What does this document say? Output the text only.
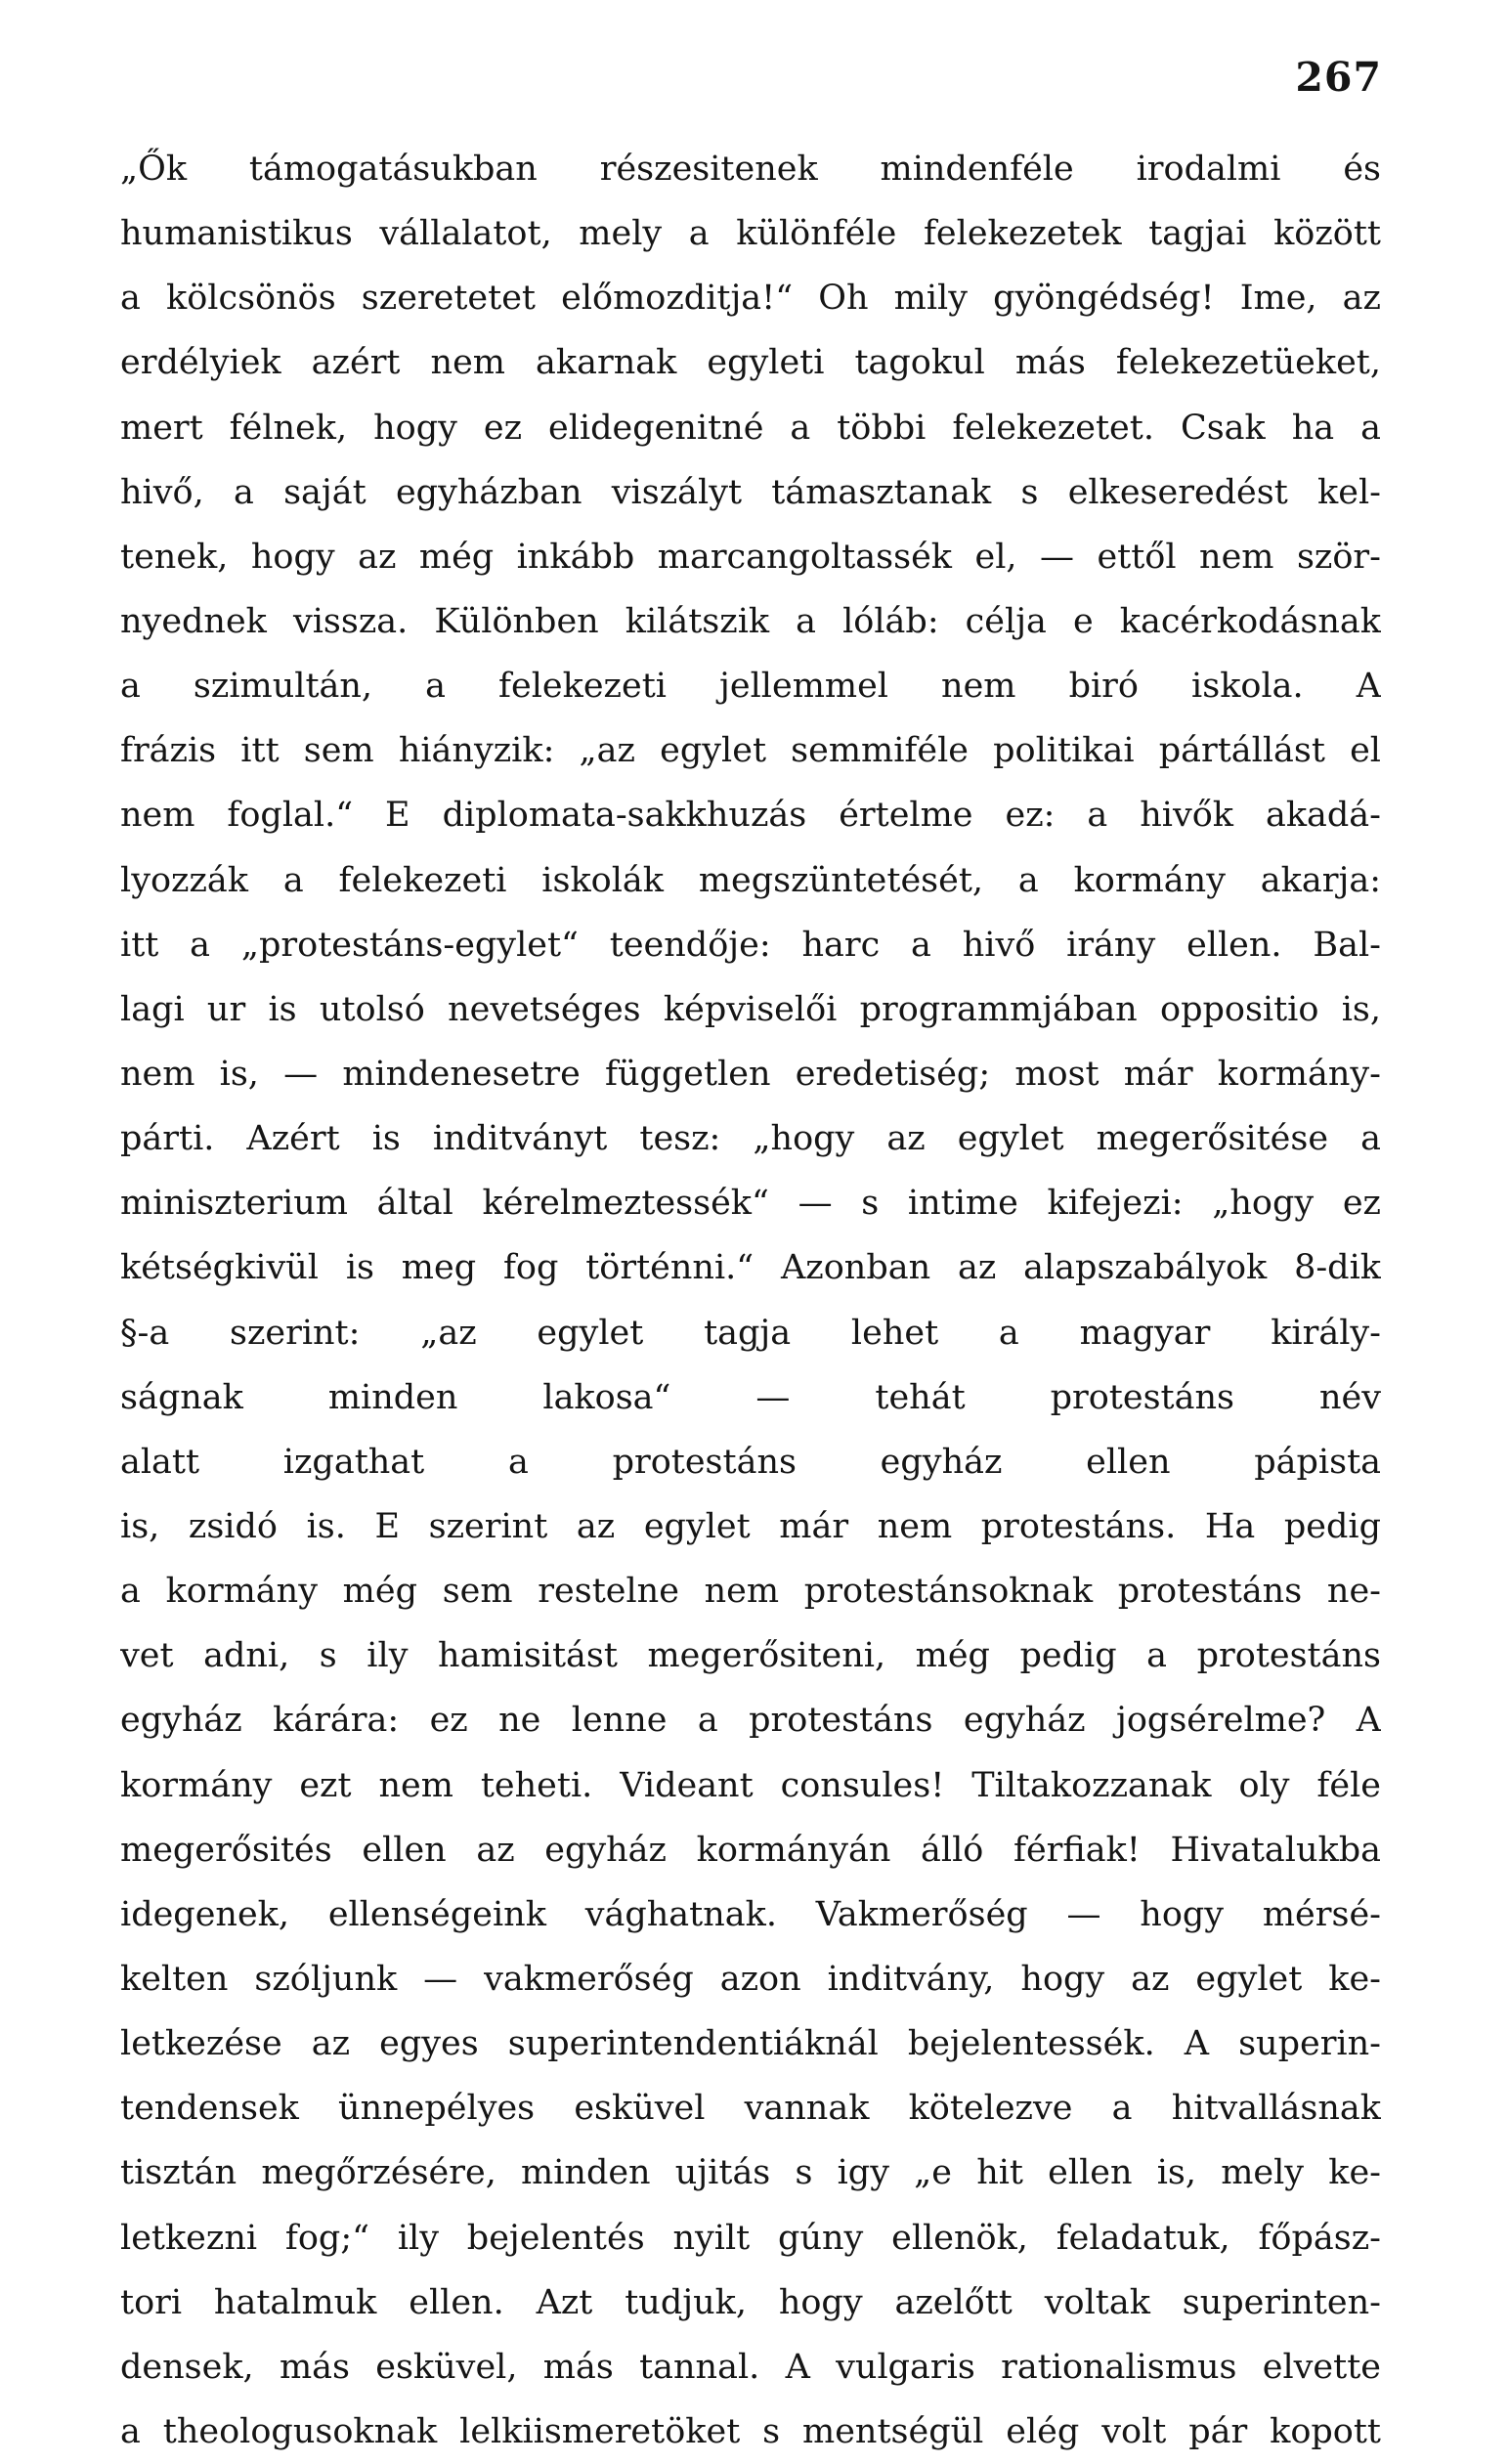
267
„Ők támogatásukban részesitenek mindenféle irodalmi és
humanistikus vállalatot, mely a különféle felekezetek tagjai között
a kölcsönös szeretetet előmozditja!“ Oh mily gyöngédség! Ime, az
erdélyiek azért nem akarnak egyleti tagokul más felekezetüeket,
mert félnek, hogy ez elidegenitné a többi felekezetet. Csak ha a
hivő, a saját egyházban viszályt támasztanak s elkeseredést kel-
tenek, hogy az még inkább marcangoltassék el, — ettől nem ször-
nyednek vissza. Különben kilátszik a lóláb: célja e kacérkodásnak
a szimultán, a felekezeti jellemmel nem biró iskola. A
frázis itt sem hiányzik: „az egylet semmiféle politikai pártállást el
nem foglal.“ E diplomata-sakkhuzás értelme ez: a hivők akadá-
lyozzák a felekezeti iskolák megszüntetését, a kormány akarja:
itt a „protestáns-egylet“ teendője: harc a hivő irány ellen. Bal-
lagi ur is utolsó nevetséges képviselői programmjában oppositio is,
nem is, — mindenesetre független eredetiség; most már kormány-
párti. Azért is inditványt tesz: „hogy az egylet megerősitése a
miniszterium által kérelmeztessék“ — s intime kifejezi: „hogy ez
kétségkivül is meg fog történni.“ Azonban az alapszabályok 8-dik
§-a szerint: „az egylet tagja lehet a magyar király-
ságnak minden lakosa“ — tehát protestáns név
alatt izgathat a protestáns egyház ellen pápista
is, zsidó is. E szerint az egylet már nem protestáns. Ha pedig
a kormány még sem restelne nem protestánsoknak protestáns ne-
vet adni, s ily hamisitást megerősiteni, még pedig a protestáns
egyház kárára: ez ne lenne a protestáns egyház jogsérelme? A
kormány ezt nem teheti. Videant consules! Tiltakozzanak oly féle
megerősités ellen az egyház kormányán álló férfiak! Hivatalukba
idegenek, ellenségeink vághatnak. Vakmerőség — hogy mérsé-
kelten szóljunk — vakmerőség azon inditvány, hogy az egylet ke-
letkezése az egyes superintendentiáknál bejelentessék. A superin-
tendensek ünnepélyes esküvel vannak kötelezve a hitvallásnak
tisztán megőrzésére, minden ujitás s igy „e hit ellen is, mely ke-
letkezni fog;“ ily bejelentés nyilt gúny ellenök, feladatuk, főpász-
tori hatalmuk ellen. Azt tudjuk, hogy azelőtt voltak superinten-
densek, más esküvel, más tannal. A vulgaris rationalismus elvette
a theologusoknak lelkiismeretöket s mentségül elég volt pár kopott
